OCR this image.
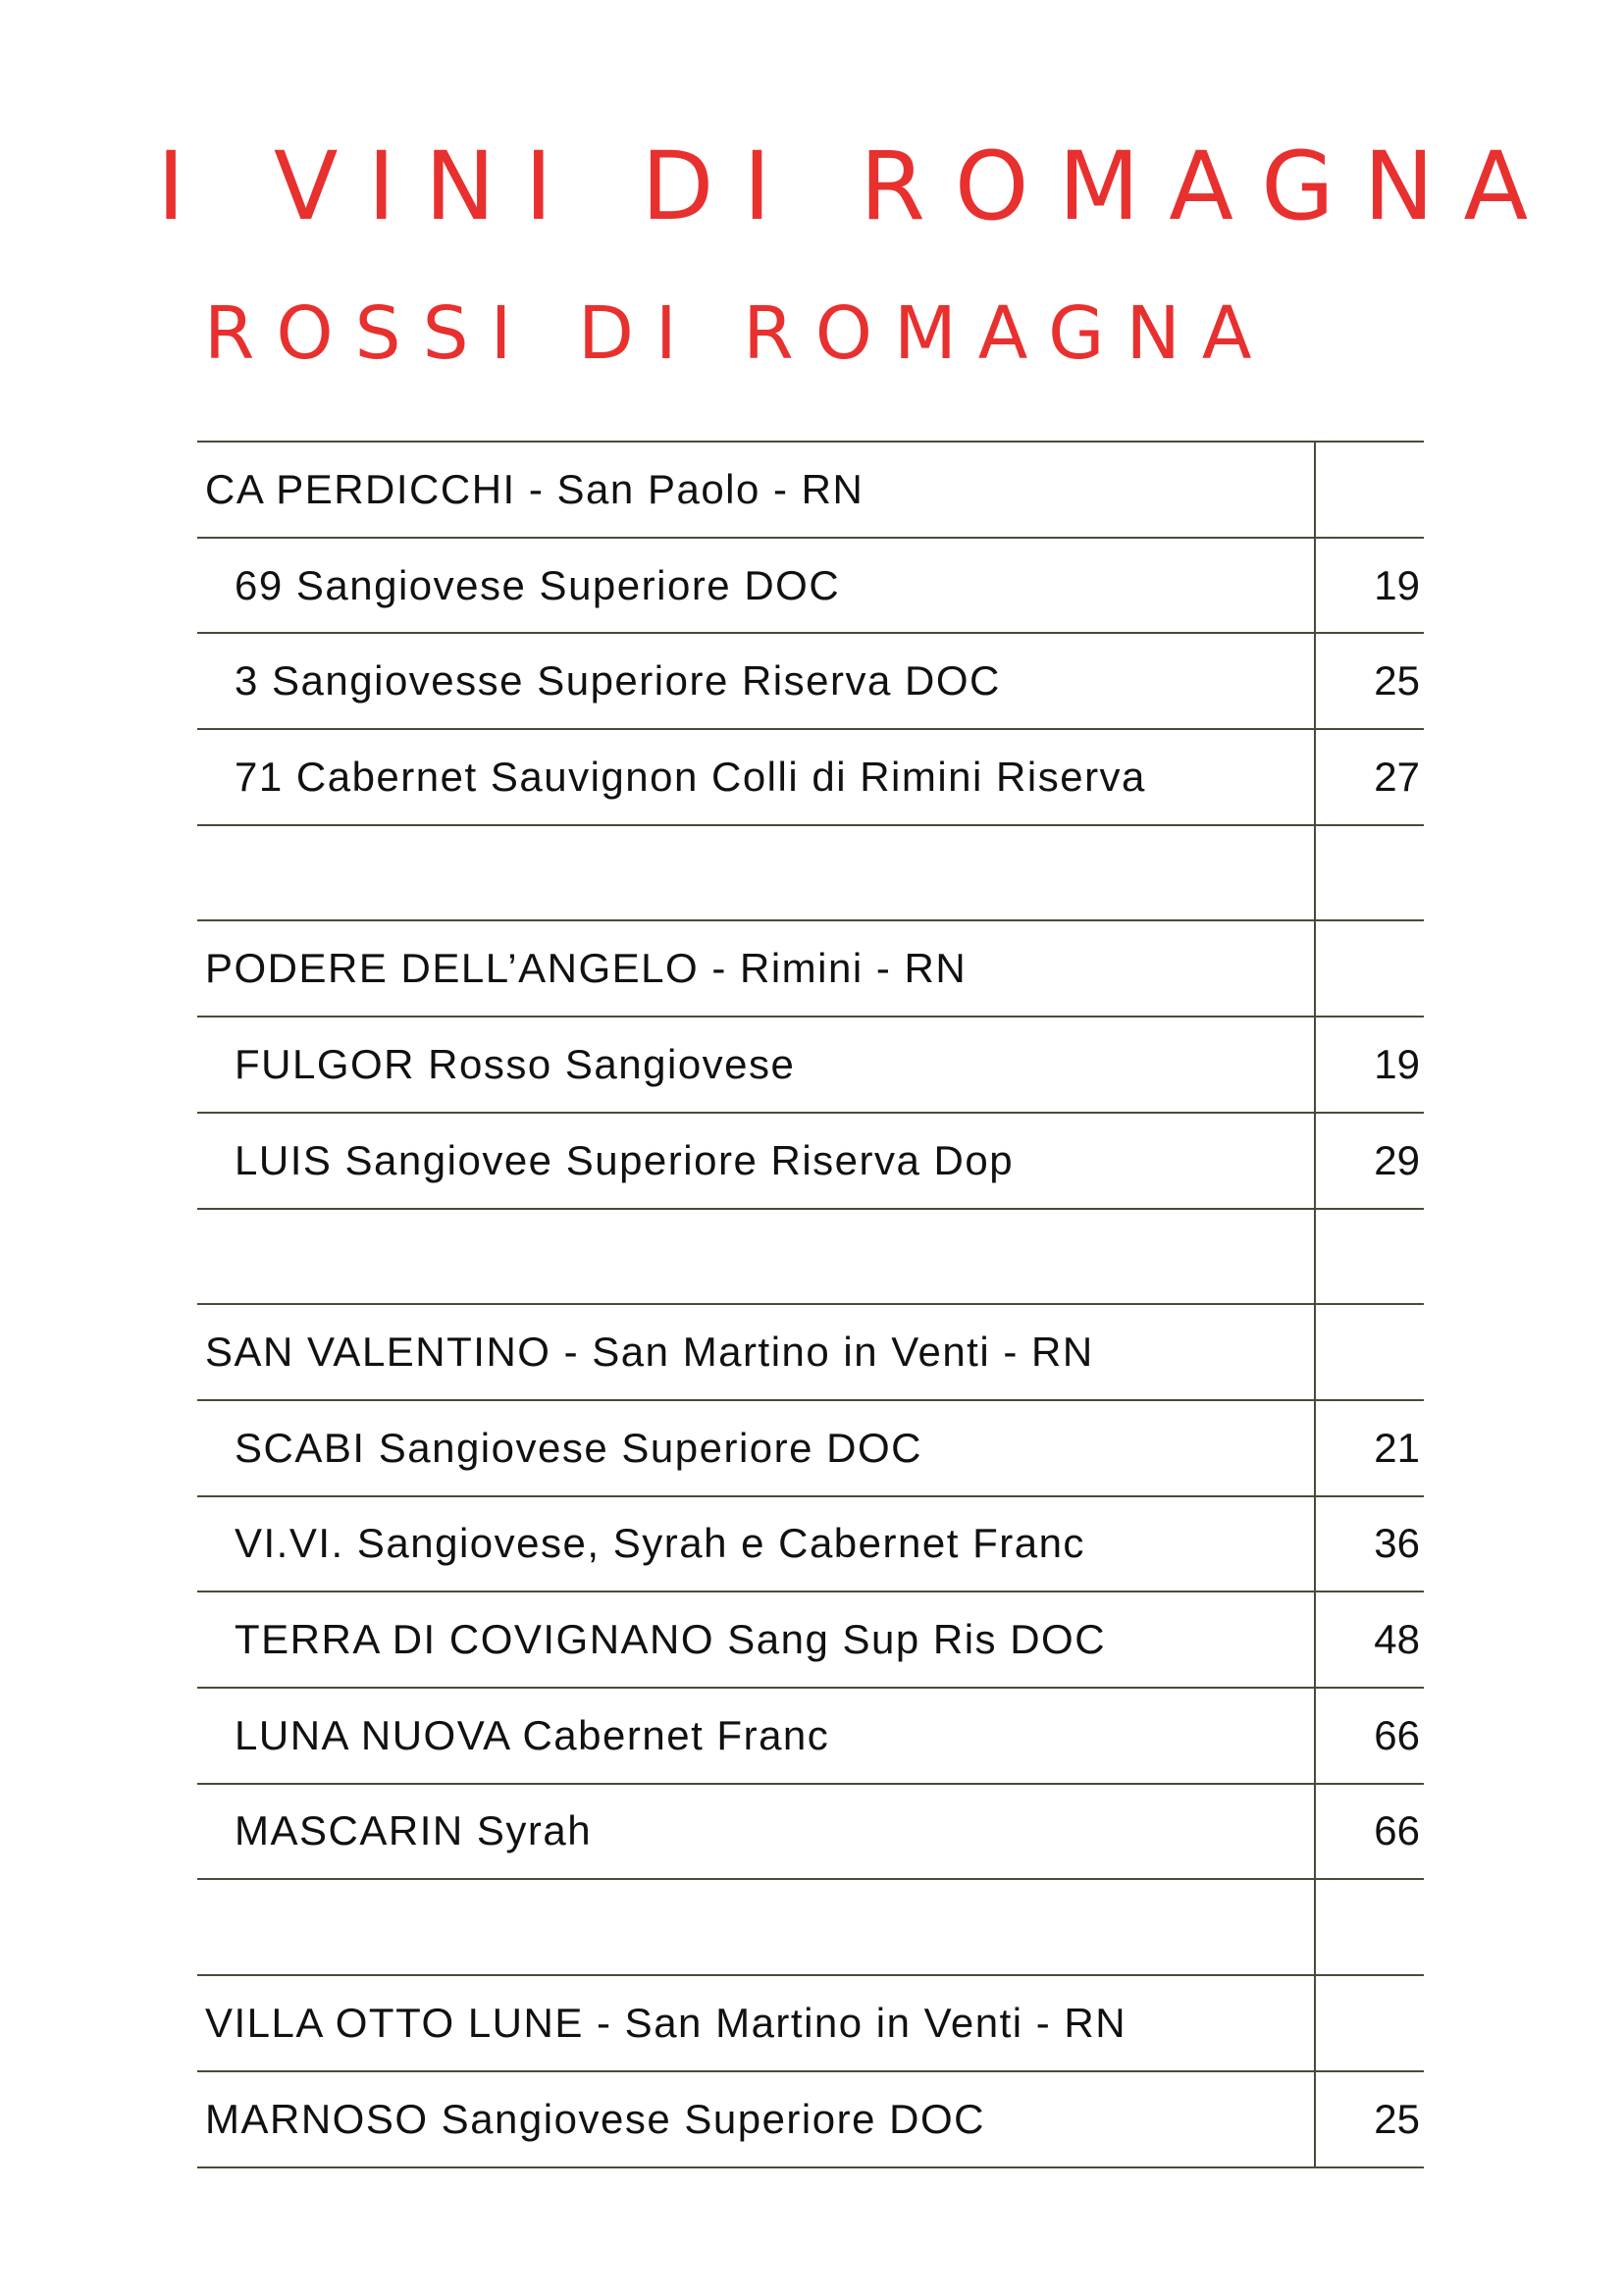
I VINI DI ROMAGNA
ROSSI DI ROMAGNA
CA PERDICCHI - San Paolo - RN
69 Sangiovese Superiore DOC	19
3 Sangiovesse Superiore Riserva DOC	25
71 Cabernet Sauvignon Colli di Rimini Riserva	27
PODERE DELL’ANGELO - Rimini - RN
FULGOR Rosso Sangiovese	19
LUIS Sangiovee Superiore Riserva Dop	29
SAN VALENTINO - San Martino in Venti - RN
SCABI Sangiovese Superiore DOC	21
VI.VI. Sangiovese, Syrah e Cabernet Franc	36
TERRA DI COVIGNANO Sang Sup Ris DOC	48
LUNA NUOVA Cabernet Franc	66
MASCARIN Syrah	66
VILLA OTTO LUNE - San Martino in Venti - RN
MARNOSO Sangiovese Superiore DOC	25
